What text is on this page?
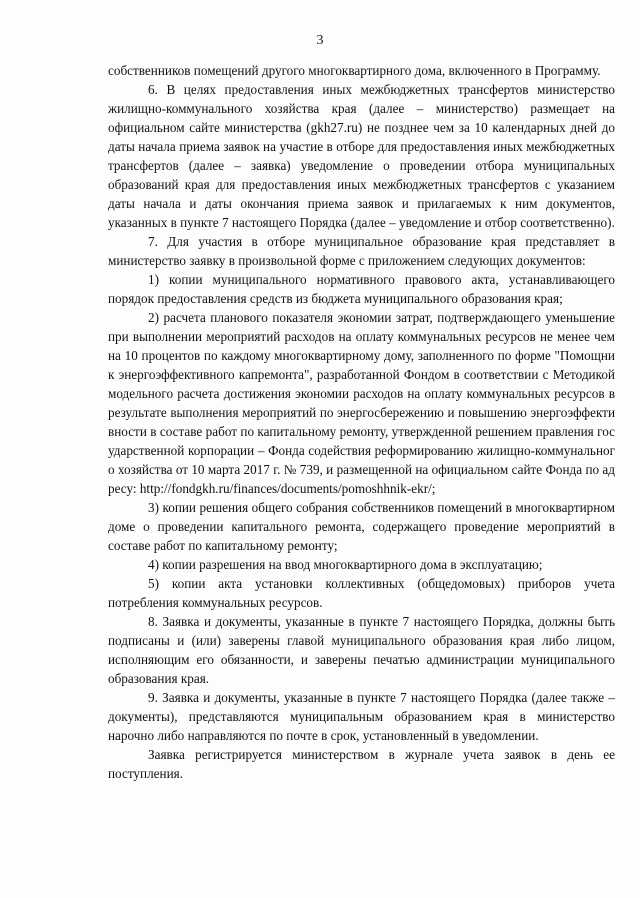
3

собственников помещений другого многоквартирного дома, включенного в Программу.

6. В целях предоставления иных межбюджетных трансфертов министерство жилищно-коммунального хозяйства края (далее – министерство) размещает на официальном сайте министерства (gkh27.ru) не позднее чем за 10 календарных дней до даты начала приема заявок на участие в отборе для предоставления иных межбюджетных трансфертов (далее – заявка) уведомление о проведении отбора муниципальных образований края для предоставления иных межбюджетных трансфертов с указанием даты начала и даты окончания приема заявок и прилагаемых к ним документов, указанных в пункте 7 настоящего Порядка (далее – уведомление и отбор соответственно).

7. Для участия в отборе муниципальное образование края представляет в министерство заявку в произвольной форме с приложением следующих документов:

1) копии муниципального нормативного правового акта, устанавливающего порядок предоставления средств из бюджета муниципального образования края;

2) расчета планового показателя экономии затрат, подтверждающего уменьшение при выполнении мероприятий расходов на оплату коммунальных ресурсов не менее чем на 10 процентов по каждому многоквартирному дому, заполненного по форме "Помощник энергоэффективного капремонта", разработанной Фондом в соответствии с Методикой модельного расчета достижения экономии расходов на оплату коммунальных ресурсов в результате выполнения мероприятий по энергосбережению и повышению энергоэффективности в составе работ по капитальному ремонту, утвержденной решением правления государственной корпорации – Фонда содействия реформированию жилищно-коммунального хозяйства от 10 марта 2017 г. № 739, и размещенной на официальном сайте Фонда по адресу: http://fondgkh.ru/finances/documents/pomoshhnik-ekr/;

3) копии решения общего собрания собственников помещений в многоквартирном доме о проведении капитального ремонта, содержащего проведение мероприятий в составе работ по капитальному ремонту;

4) копии разрешения на ввод многоквартирного дома в эксплуатацию;

5) копии акта установки коллективных (общедомовых) приборов учета потребления коммунальных ресурсов.

8. Заявка и документы, указанные в пункте 7 настоящего Порядка, должны быть подписаны и (или) заверены главой муниципального образования края либо лицом, исполняющим его обязанности, и заверены печатью администрации муниципального образования края.

9. Заявка и документы, указанные в пункте 7 настоящего Порядка (далее также – документы), представляются муниципальным образованием края в министерство нарочно либо направляются по почте в срок, установленный в уведомлении.

Заявка регистрируется министерством в журнале учета заявок в день ее поступления.
